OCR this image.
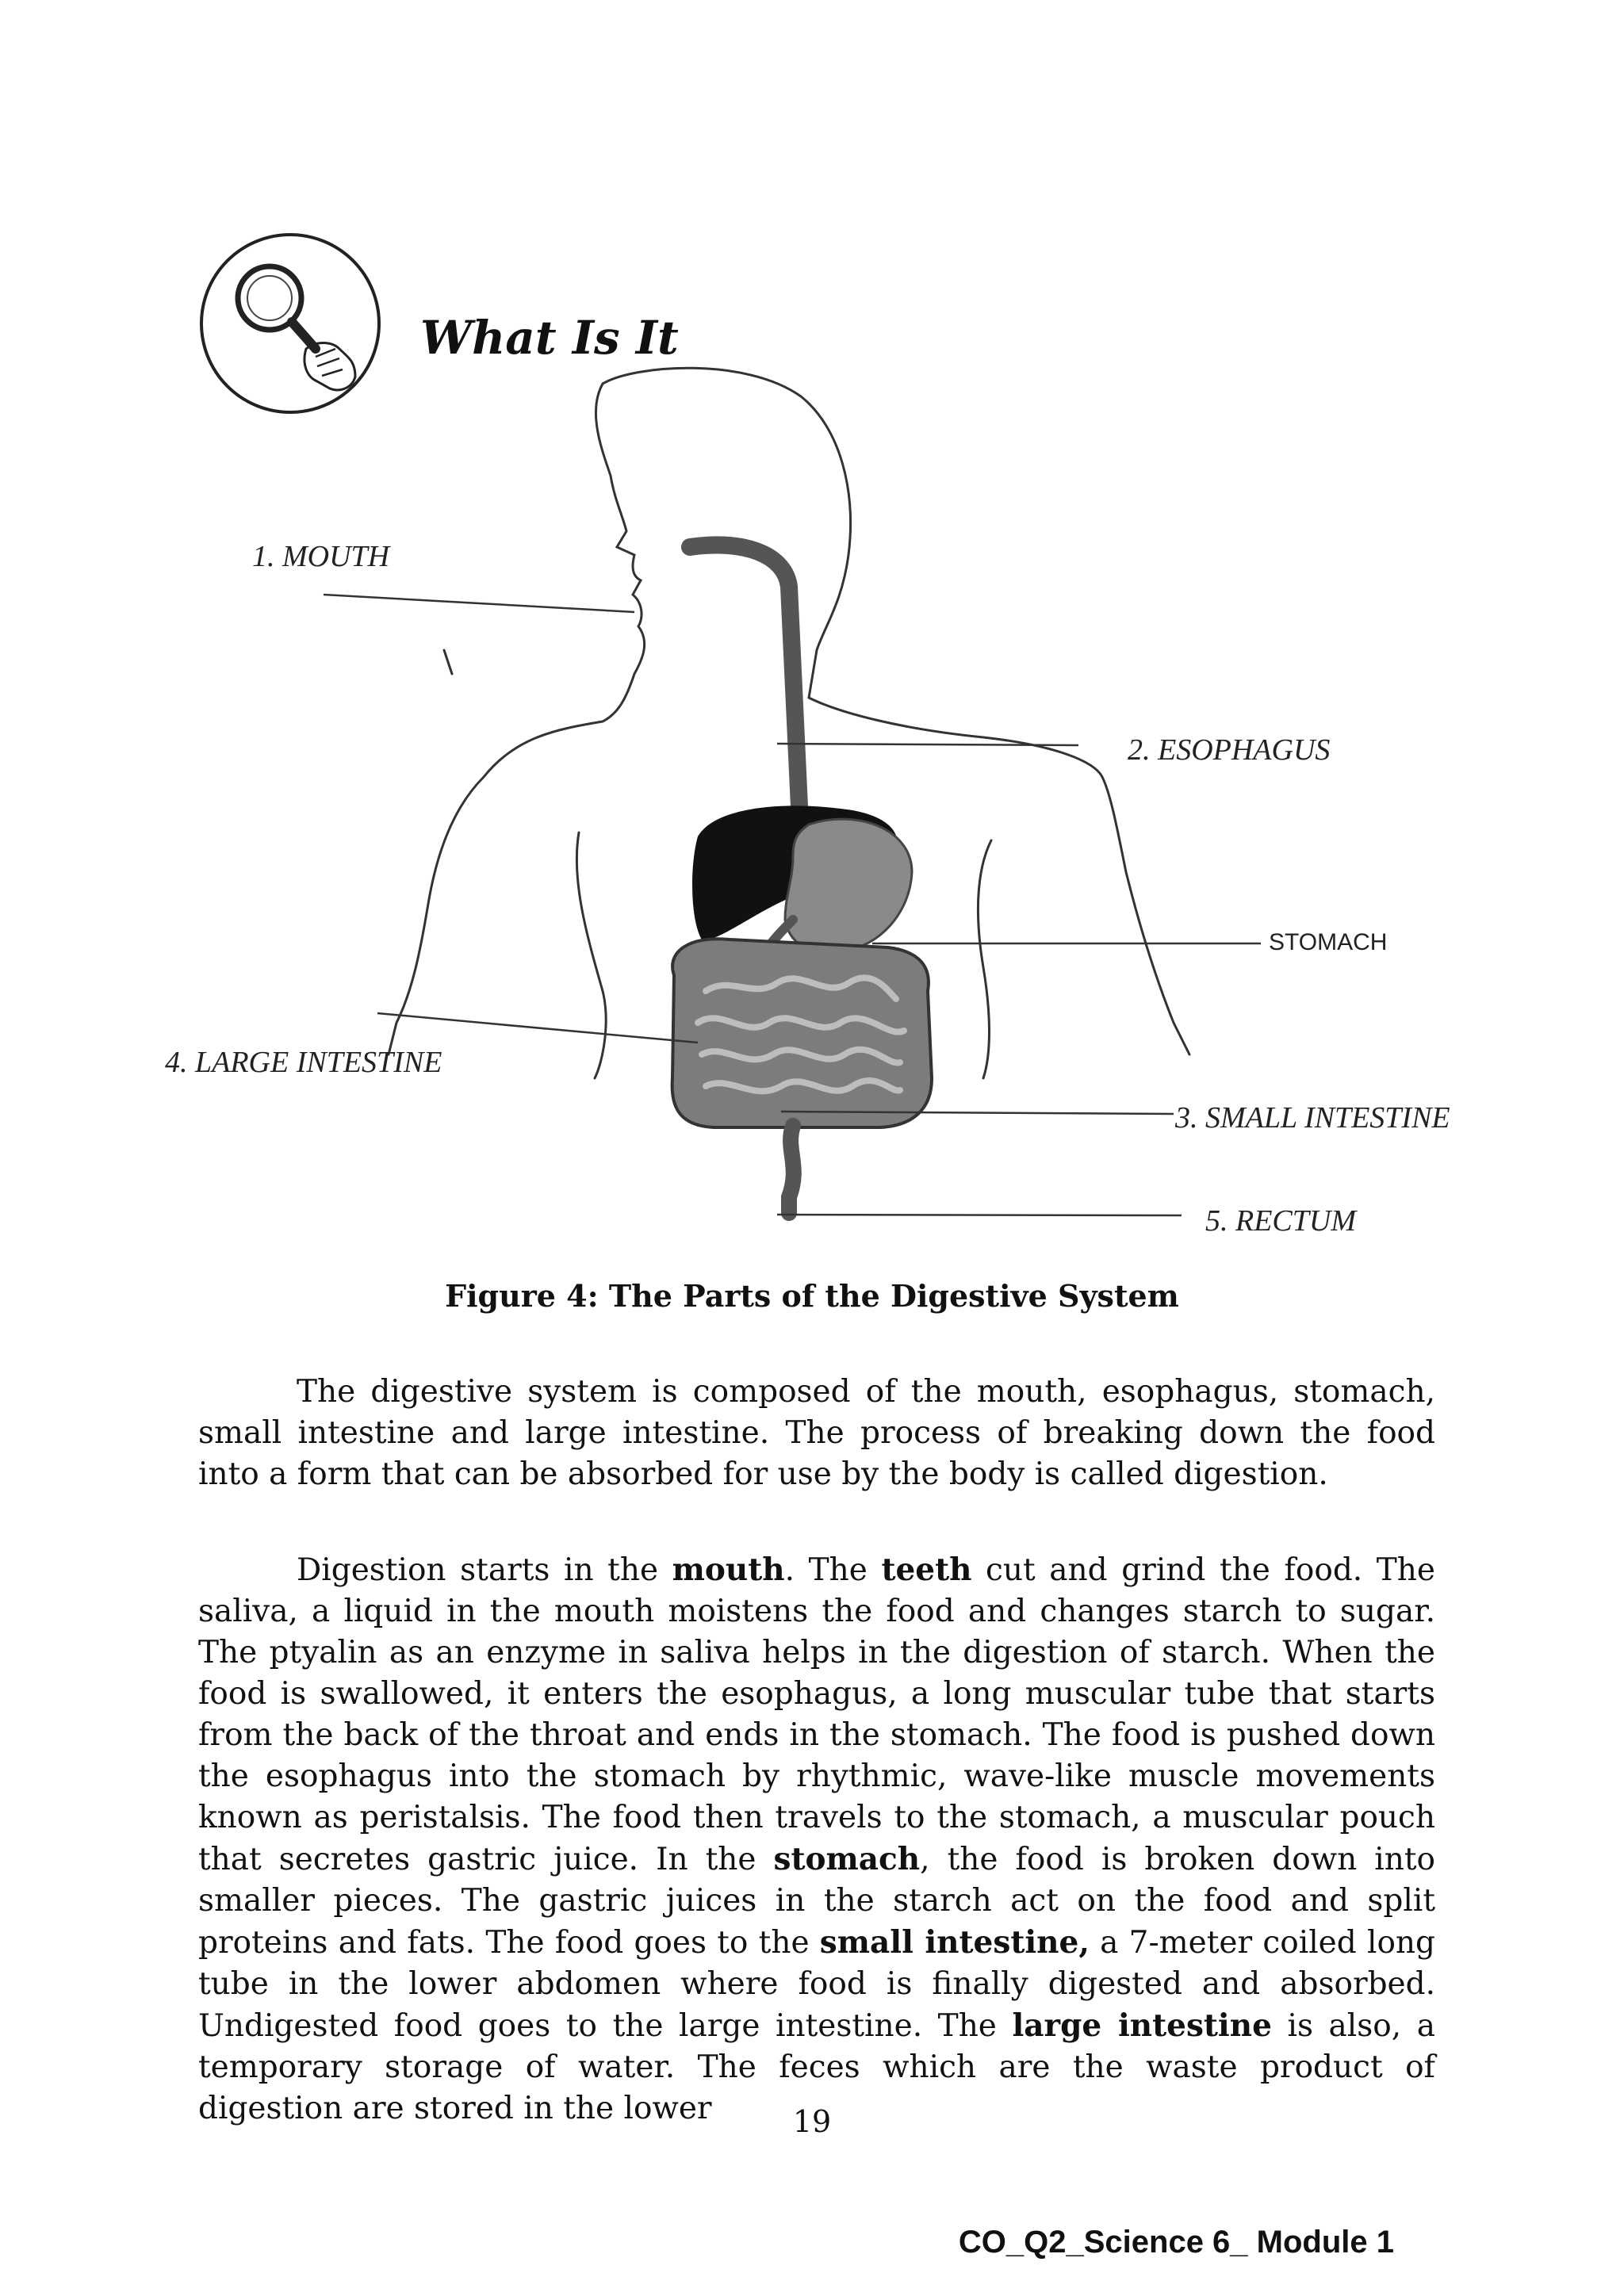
What Is It
1. MOUTH
2. ESOPHAGUS
STOMACH
4. LARGE INTESTINE
3. SMALL INTESTINE
5. RECTUM
Figure 4: The Parts of the Digestive System

The digestive system is composed of the mouth, esophagus, stomach, small intestine and large intestine. The process of breaking down the food into a form that can be absorbed for use by the body is called digestion.

Digestion starts in the mouth. The teeth cut and grind the food. The saliva, a liquid in the mouth moistens the food and changes starch to sugar. The ptyalin as an enzyme in saliva helps in the digestion of starch. When the food is swallowed, it enters the esophagus, a long muscular tube that starts from the back of the throat and ends in the stomach. The food is pushed down the esophagus into the stomach by rhythmic, wave-like muscle movements known as peristalsis. The food then travels to the stomach, a muscular pouch that secretes gastric juice. In the stomach, the food is broken down into smaller pieces. The gastric juices in the starch act on the food and split proteins and fats. The food goes to the small intestine, a 7-meter coiled long tube in the lower abdomen where food is finally digested and absorbed. Undigested food goes to the large intestine. The large intestine is also, a temporary storage of water. The feces which are the waste product of digestion are stored in the lower	19
CO_Q2_Science 6_ Module 1
